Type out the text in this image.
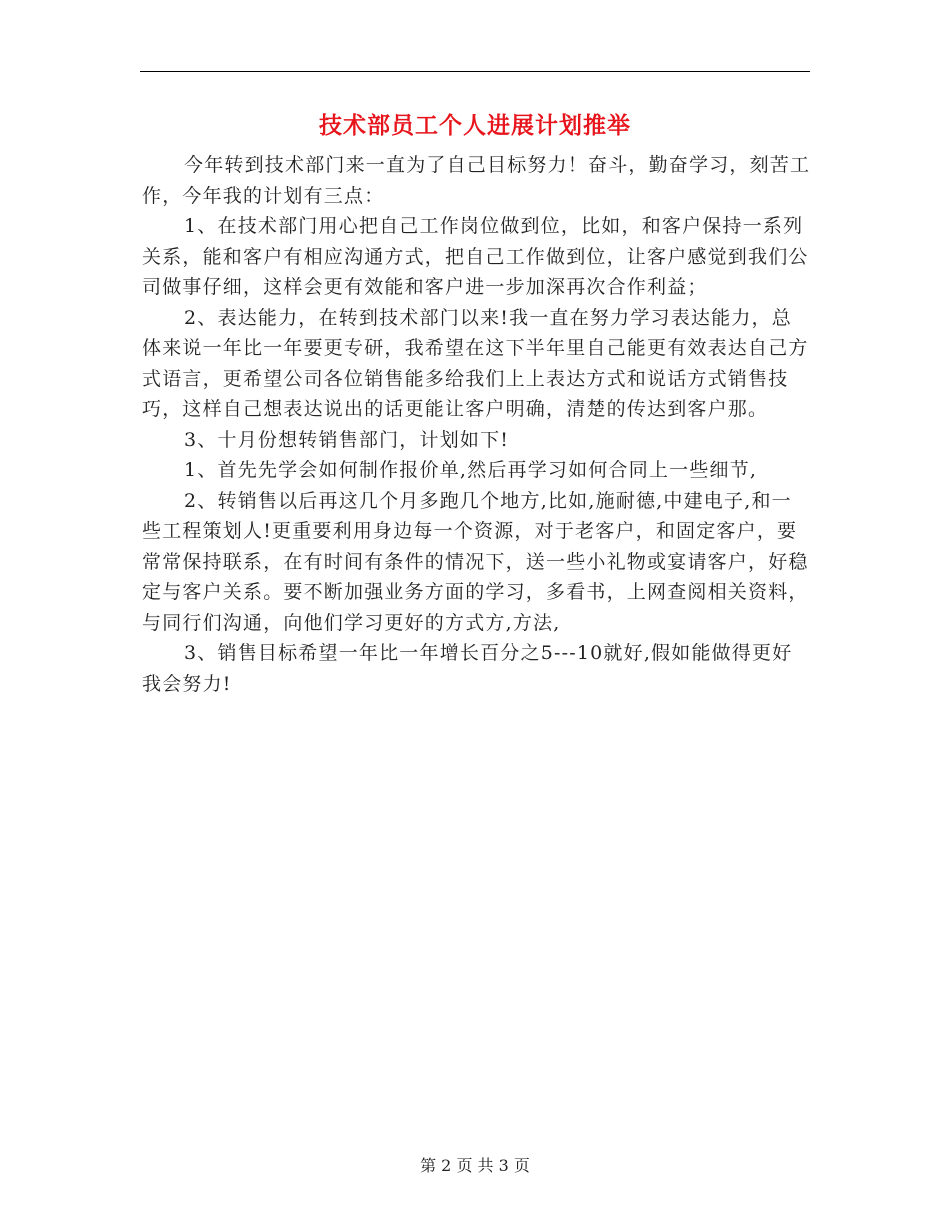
技术部员工个人进展计划推举

今年转到技术部门来一直为了自己目标努力！奋斗，勤奋学习，刻苦工作，今年我的计划有三点：

1、在技术部门用心把自己工作岗位做到位，比如，和客户保持一系列关系，能和客户有相应沟通方式，把自己工作做到位，让客户感觉到我们公司做事仔细，这样会更有效能和客户进一步加深再次合作利益；

2、表达能力，在转到技术部门以来!我一直在努力学习表达能力，总体来说一年比一年要更专研，我希望在这下半年里自己能更有效表达自己方式语言，更希望公司各位销售能多给我们上上表达方式和说话方式销售技巧，这样自己想表达说出的话更能让客户明确，清楚的传达到客户那。

3、十月份想转销售部门，计划如下!

1、首先先学会如何制作报价单,然后再学习如何合同上一些细节,

2、转销售以后再这几个月多跑几个地方,比如,施耐德,中建电子,和一些工程策划人!更重要利用身边每一个资源，对于老客户，和固定客户，要常常保持联系，在有时间有条件的情况下，送一些小礼物或宴请客户，好稳定与客户关系。要不断加强业务方面的学习，多看书，上网查阅相关资料，与同行们沟通，向他们学习更好的方式方,方法,

3、销售目标希望一年比一年增长百分之5---10就好,假如能做得更好我会努力!

第 2 页 共 3 页
